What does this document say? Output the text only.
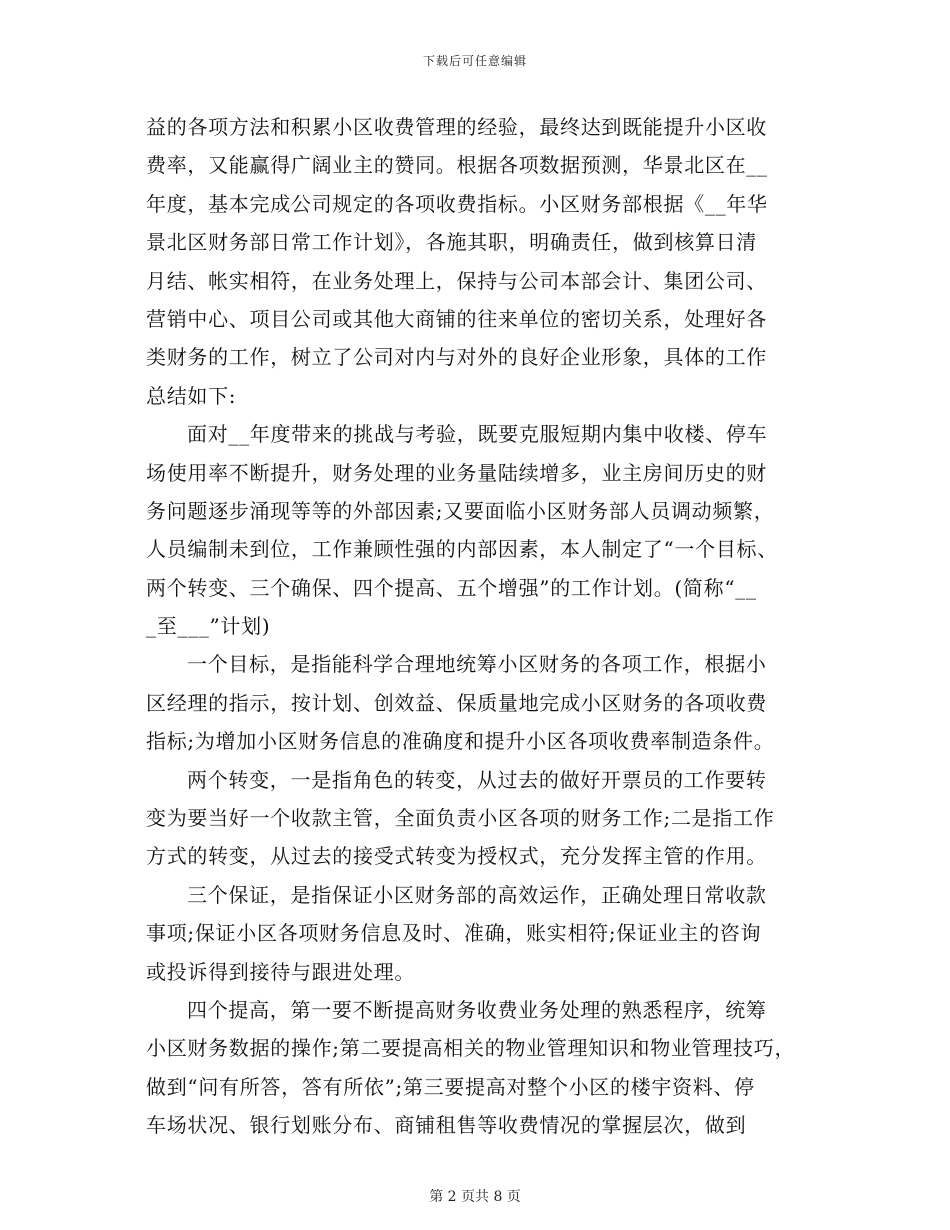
下载后可任意编辑
益的各项方法和积累小区收费管理的经验，最终达到既能提升小区收
费率，又能赢得广阔业主的赞同。根据各项数据预测，华景北区在__
年度，基本完成公司规定的各项收费指标。小区财务部根据《__年华
景北区财务部日常工作计划》，各施其职，明确责任，做到核算日清
月结、帐实相符，在业务处理上，保持与公司本部会计、集团公司、
营销中心、项目公司或其他大商铺的往来单位的密切关系，处理好各
类财务的工作，树立了公司对内与对外的良好企业形象，具体的工作
总结如下:
面对__年度带来的挑战与考验，既要克服短期内集中收楼、停车
场使用率不断提升，财务处理的业务量陆续增多，业主房间历史的财
务问题逐步涌现等等的外部因素;又要面临小区财务部人员调动频繁，
人员编制未到位，工作兼顾性强的内部因素，本人制定了“一个目标、
两个转变、三个确保、四个提高、五个增强”的工作计划。(简称“__
_至___”计划)
一个目标，是指能科学合理地统筹小区财务的各项工作，根据小
区经理的指示，按计划、创效益、保质量地完成小区财务的各项收费
指标;为增加小区财务信息的准确度和提升小区各项收费率制造条件。
两个转变，一是指角色的转变，从过去的做好开票员的工作要转
变为要当好一个收款主管，全面负责小区各项的财务工作;二是指工作
方式的转变，从过去的接受式转变为授权式，充分发挥主管的作用。
三个保证，是指保证小区财务部的高效运作，正确处理日常收款
事项;保证小区各项财务信息及时、准确，账实相符;保证业主的咨询
或投诉得到接待与跟进处理。
四个提高，第一要不断提高财务收费业务处理的熟悉程序，统筹
小区财务数据的操作;第二要提高相关的物业管理知识和物业管理技巧，
做到“问有所答，答有所依”;第三要提高对整个小区的楼宇资料、停
车场状况、银行划账分布、商铺租售等收费情况的掌握层次，做到
第 2 页共 8 页
